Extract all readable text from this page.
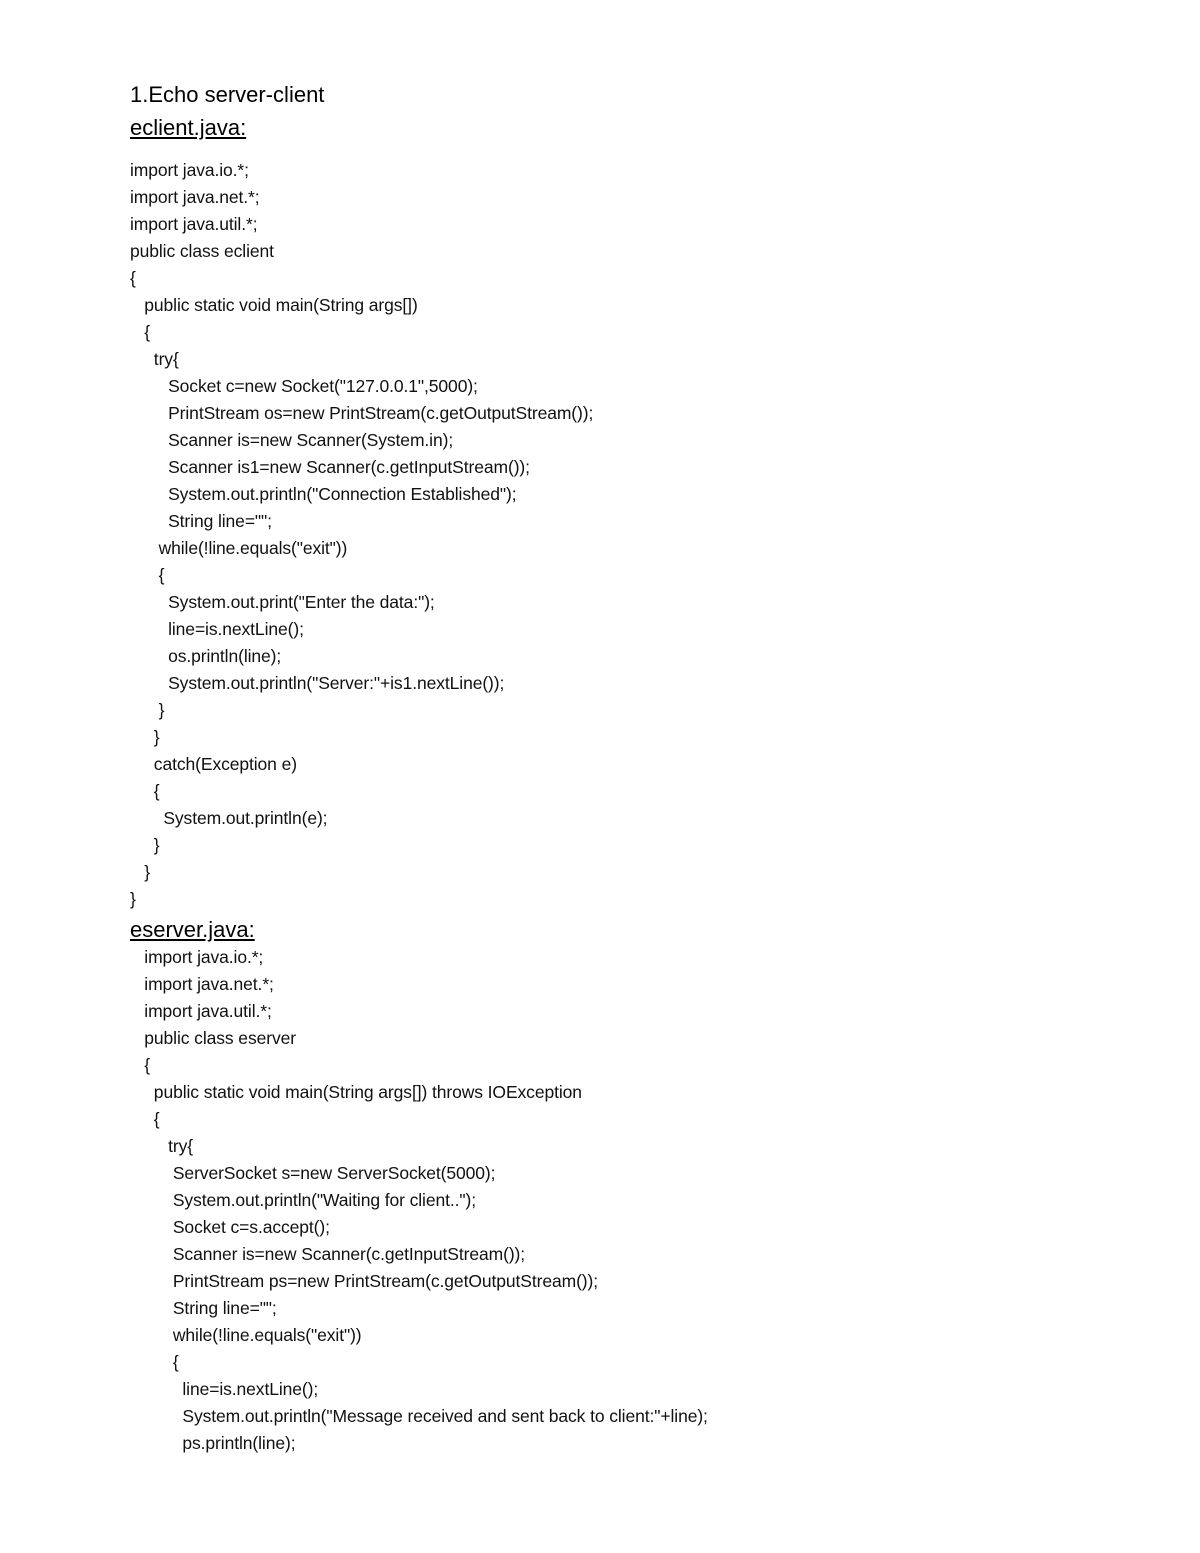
1.Echo server-client
eclient.java:
import java.io.*;
import java.net.*;
import java.util.*;
public class eclient
{
public static void main(String args[])
{
try{
Socket c=new Socket("127.0.0.1",5000);
PrintStream os=new PrintStream(c.getOutputStream());
Scanner is=new Scanner(System.in);
Scanner is1=new Scanner(c.getInputStream());
System.out.println("Connection Established");
String line="";
while(!line.equals("exit"))
{
System.out.print("Enter the data:");
line=is.nextLine();
os.println(line);
System.out.println("Server:"+is1.nextLine());
}
}
catch(Exception e)
{
System.out.println(e);
}
}
}
eserver.java:
import java.io.*;
import java.net.*;
import java.util.*;
public class eserver
{
public static void main(String args[]) throws IOException
{
try{
ServerSocket s=new ServerSocket(5000);
System.out.println("Waiting for client..");
Socket c=s.accept();
Scanner is=new Scanner(c.getInputStream());
PrintStream ps=new PrintStream(c.getOutputStream());
String line="";
while(!line.equals("exit"))
{
line=is.nextLine();
System.out.println("Message received and sent back to client:"+line);
ps.println(line);
